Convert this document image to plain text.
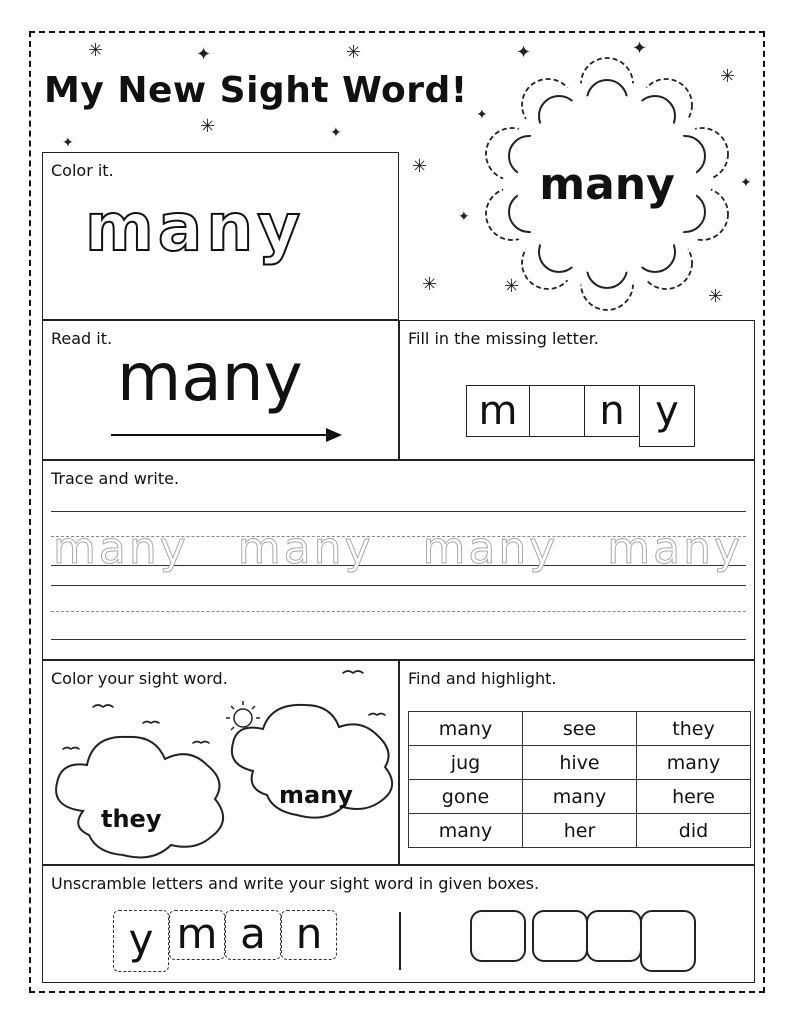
My New Sight Word!
✳	✦	✳	✦	✦
✳
✳
✦
✦
✦
✳
✦
✦
✳	✳	✳
many
Color it.
many
Read it.
many
Fill in the missing letter.
m	n y
Trace and write.
many many many many
Color your sight word.
they
many
Find and highlight.
many	see	they
jug	hive	many
gone	many	here
many	her	did
Unscramble letters and write your sight word in given boxes.
y m a n
